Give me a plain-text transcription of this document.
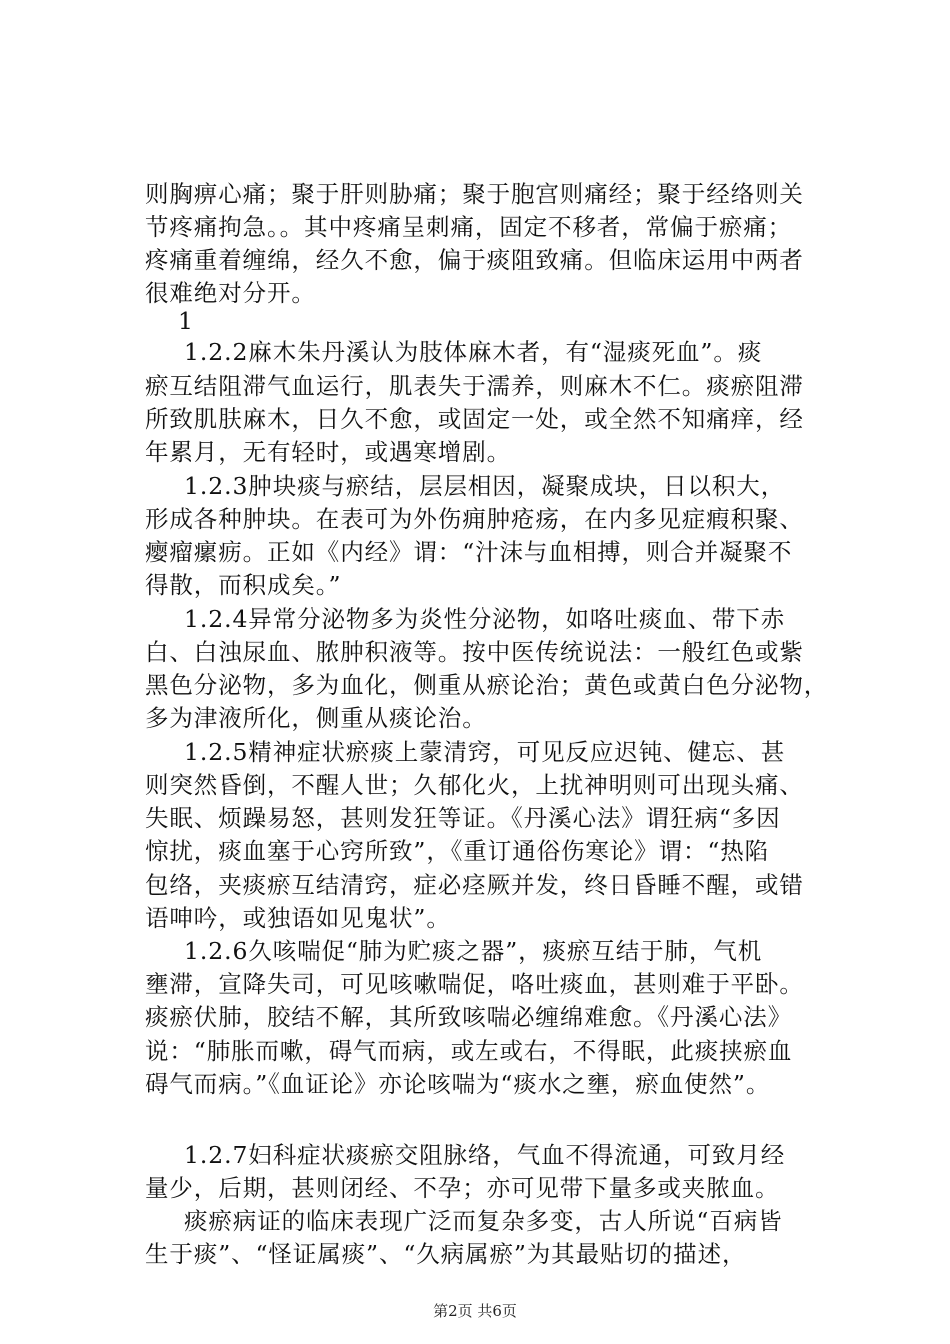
则胸痹心痛；聚于肝则胁痛；聚于胞宫则痛经；聚于经络则关

节疼痛拘急。。其中疼痛呈刺痛，固定不移者，常偏于瘀痛；

疼痛重着缠绵，经久不愈，偏于痰阻致痛。但临床运用中两者

很难绝对分开。

1

1.2.2麻木朱丹溪认为肢体麻木者，有“湿痰死血”。痰

瘀互结阻滞气血运行，肌表失于濡养，则麻木不仁。痰瘀阻滞

所致肌肤麻木，日久不愈，或固定一处，或全然不知痛痒，经

年累月，无有轻时，或遇寒增剧。

1.2.3肿块痰与瘀结，层层相因，凝聚成块，日以积大，

形成各种肿块。在表可为外伤痈肿疮疡，在内多见症瘕积聚、

瘿瘤瘰疬。正如《内经》谓：“汁沫与血相搏，则合并凝聚不

得散，而积成矣。”

1.2.4异常分泌物多为炎性分泌物，如咯吐痰血、带下赤

白、白浊尿血、脓肿积液等。按中医传统说法：一般红色或紫

黑色分泌物，多为血化，侧重从瘀论治；黄色或黄白色分泌物，

多为津液所化，侧重从痰论治。

1.2.5精神症状瘀痰上蒙清窍，可见反应迟钝、健忘、甚

则突然昏倒，不醒人世；久郁化火，上扰神明则可出现头痛、

失眠、烦躁易怒，甚则发狂等证。《丹溪心法》谓狂病“多因

惊扰，痰血塞于心窍所致”，《重订通俗伤寒论》谓：“热陷

包络，夹痰瘀互结清窍，症必痉厥并发，终日昏睡不醒，或错

语呻吟，或独语如见鬼状”。

1.2.6久咳喘促“肺为贮痰之器”，痰瘀互结于肺，气机

壅滞，宣降失司，可见咳嗽喘促，咯吐痰血，甚则难于平卧。

痰瘀伏肺，胶结不解，其所致咳喘必缠绵难愈。《丹溪心法》

说：“肺胀而嗽，碍气而病，或左或右，不得眠，此痰挟瘀血

碍气而病。”《血证论》亦论咳喘为“痰水之壅，瘀血使然”。

1.2.7妇科症状痰瘀交阻脉络，气血不得流通，可致月经

量少，后期，甚则闭经、不孕；亦可见带下量多或夹脓血。

痰瘀病证的临床表现广泛而复杂多变，古人所说“百病皆

生于痰”、“怪证属痰”、“久病属瘀”为其最贴切的描述，

第2页 共6页
